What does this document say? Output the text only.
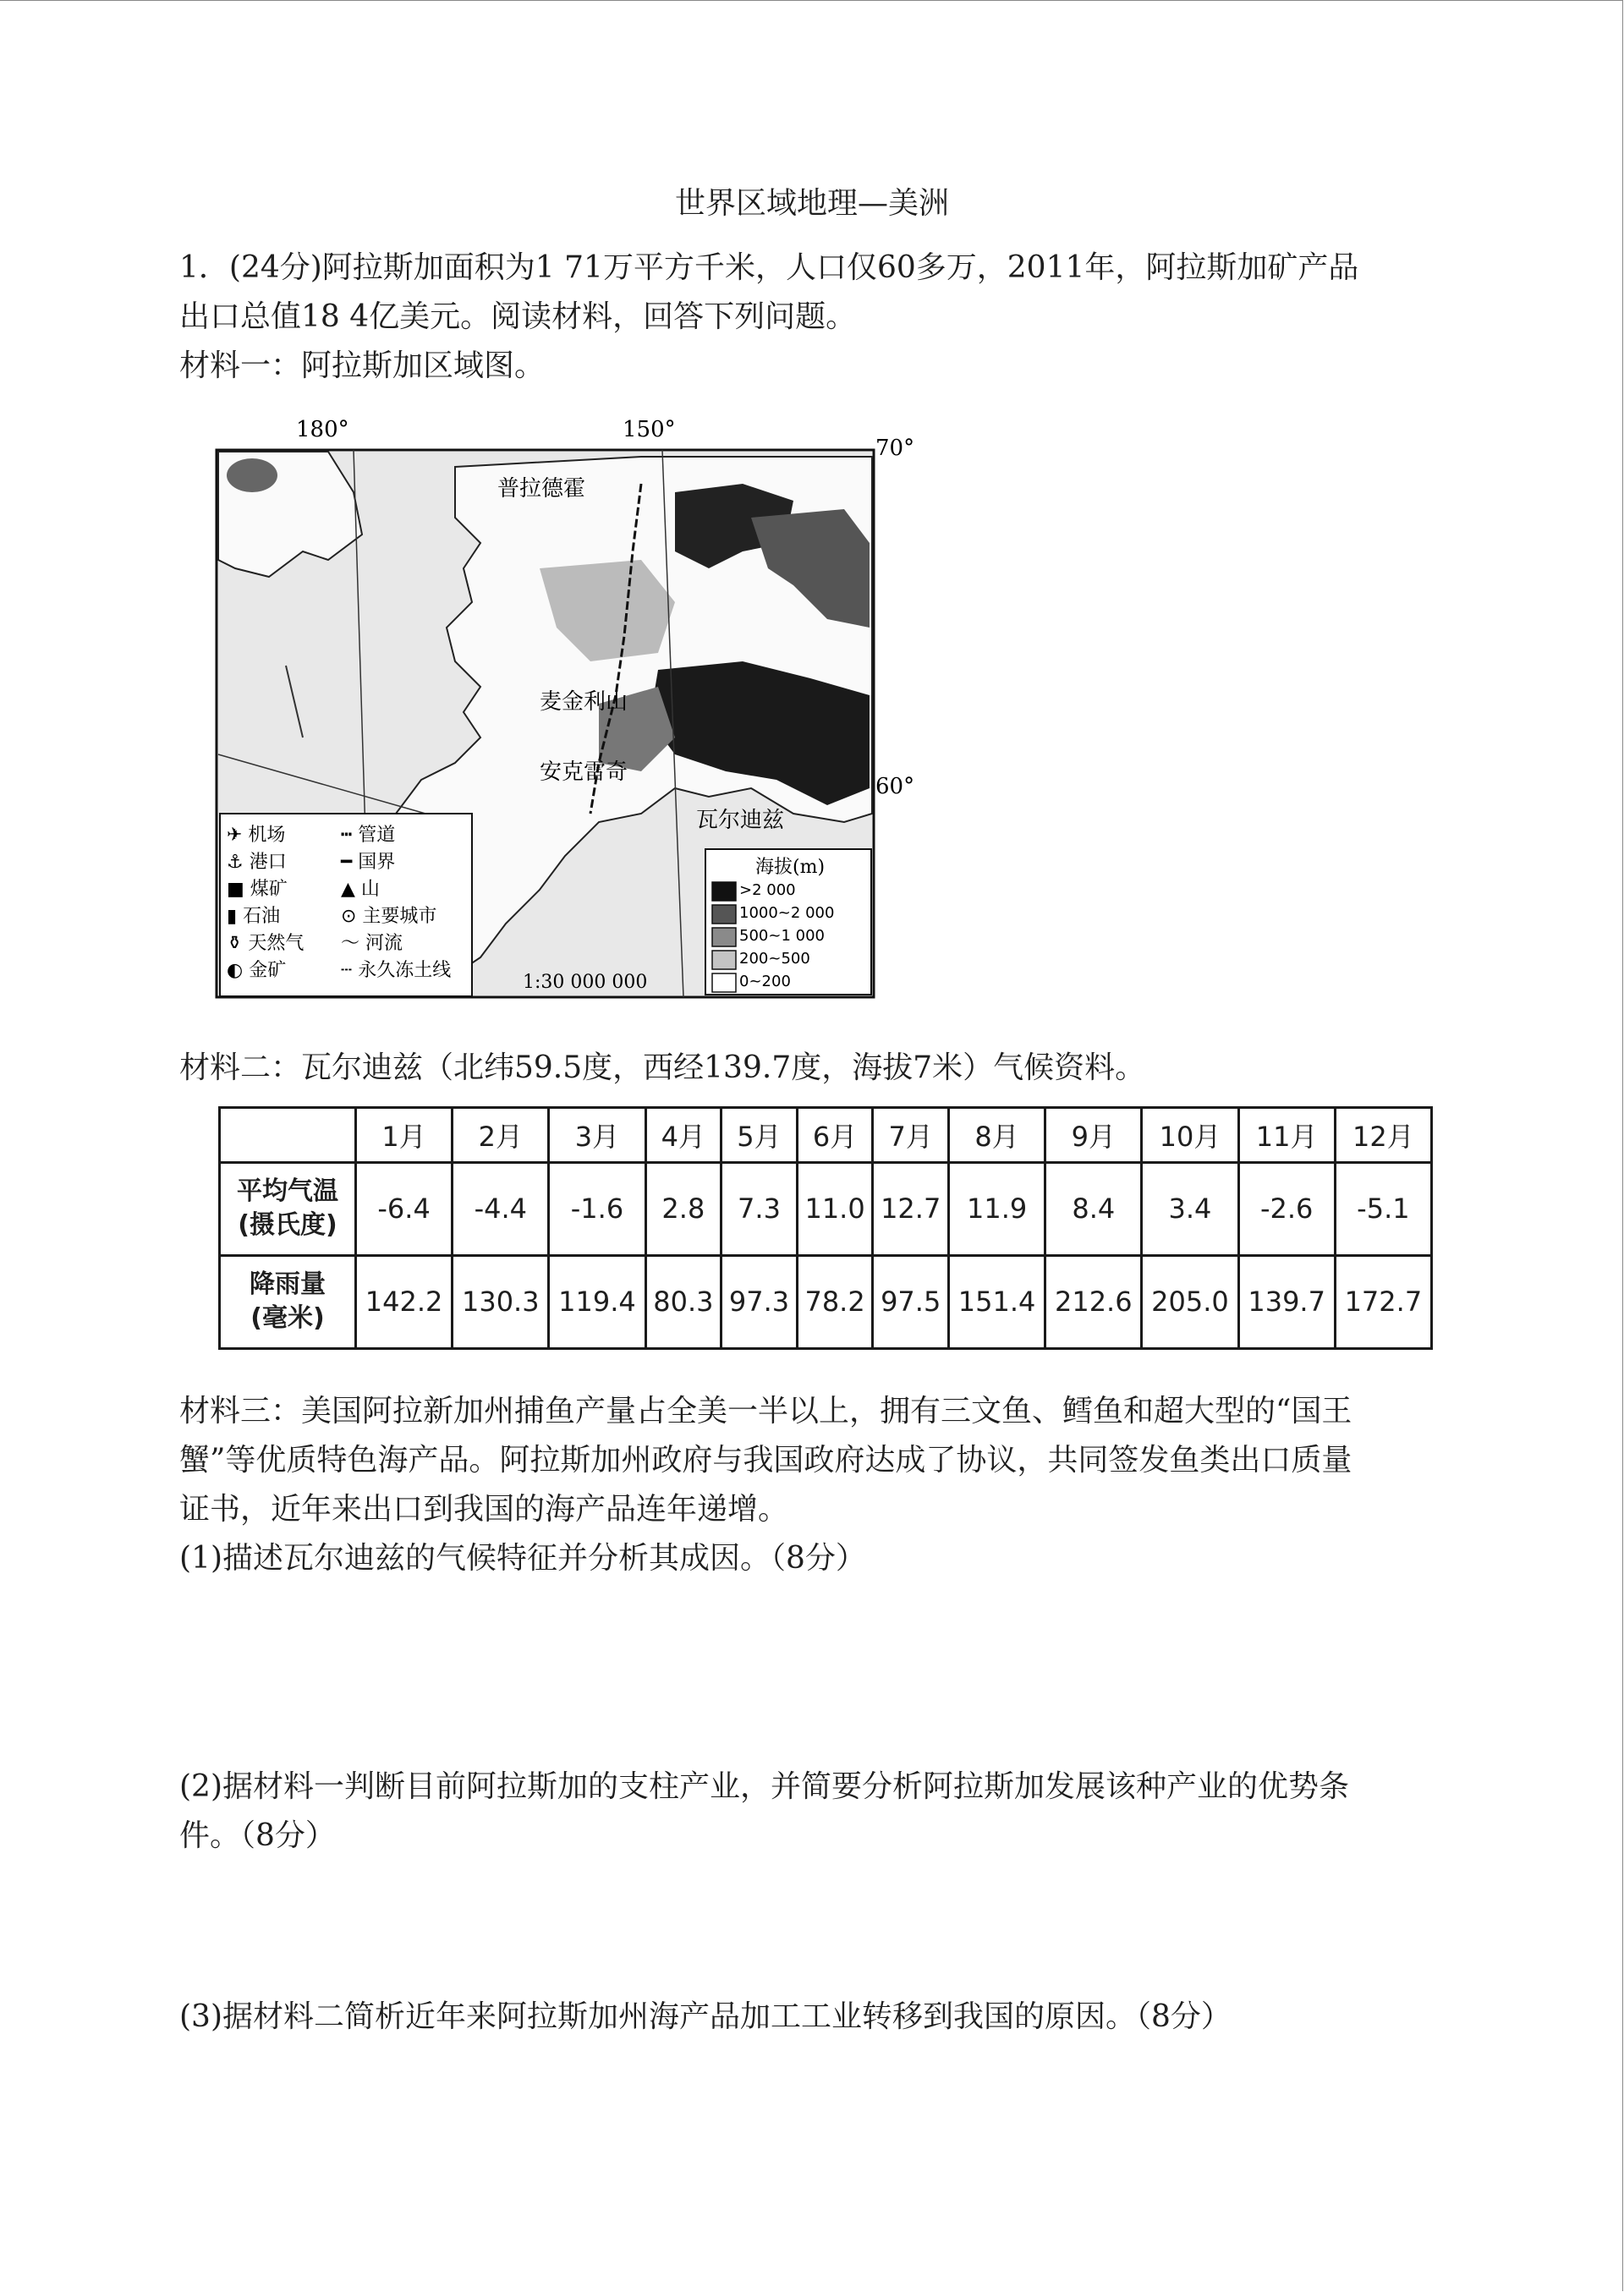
世界区域地理—美洲
1．(24分)阿拉斯加面积为1 71万平方千米，人口仅60多万，2011年，阿拉斯加矿产品
出口总值18 4亿美元。阅读材料，回答下列问题。
材料一：阿拉斯加区域图。
180°	150°
70°
60°
普拉德霍
麦金利山
安克雷奇
瓦尔迪兹
✈ 机场	┅ 管道
⚓ 港口	━ 国界
■ 煤矿	▲ 山
▮ 石油	⊙ 主要城市
⚱ 天然气 ～ 河流
◐ 金矿	┄ 永久冻土线
1:30 000 000
海拔(m)
>2 000
1000~2 000
500~1 000
200~500
0~200
材料二：瓦尔迪兹（北纬59.5度，西经139.7度，海拔7米）气候资料。
	1月	2月	3月	4月	5月	6月	7月	8月	9月	10月	11月	12月

平均气温
(摄氏度)	-6.4	-4.4	-1.6	2.8	7.3	11.0	12.7	11.9	8.4	3.4	-2.6	-5.1

降雨量
(毫米)	142.2	130.3	119.4	80.3	97.3	78.2	97.5	151.4	212.6	205.0	139.7	172.7
材料三：美国阿拉新加州捕鱼产量占全美一半以上，拥有三文鱼、鳕鱼和超大型的“国王
蟹”等优质特色海产品。阿拉斯加州政府与我国政府达成了协议，共同签发鱼类出口质量
证书，近年来出口到我国的海产品连年递增。
(1)描述瓦尔迪兹的气候特征并分析其成因。（8分）
(2)据材料一判断目前阿拉斯加的支柱产业，并简要分析阿拉斯加发展该种产业的优势条
件。（8分）
(3)据材料二简析近年来阿拉斯加州海产品加工工业转移到我国的原因。（8分）
